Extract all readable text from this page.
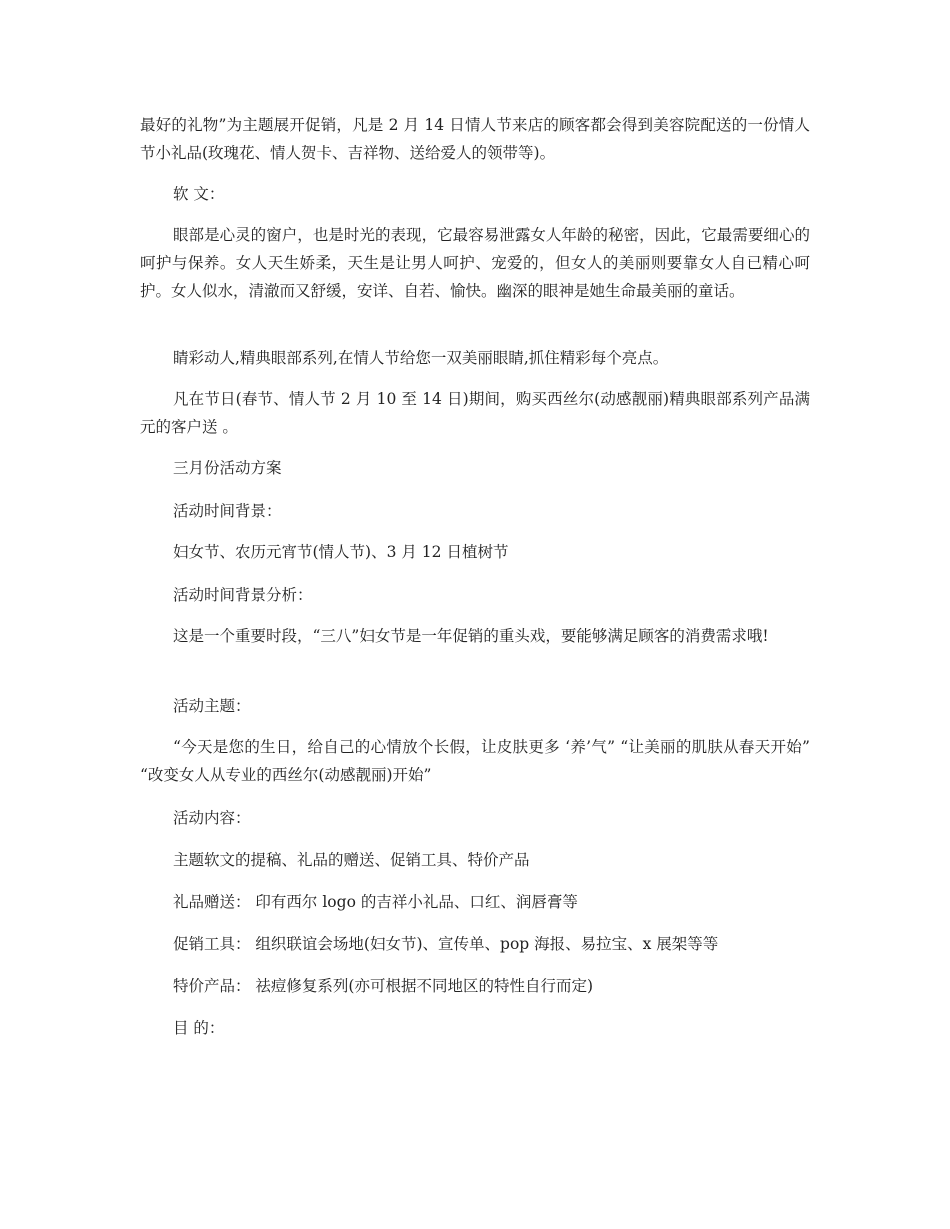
最好的礼物”为主题展开促销，凡是 2 月 14 日情人节来店的顾客都会得到美容院配送的一份情人节小礼品(玫瑰花、情人贺卡、吉祥物、送给爱人的领带等)。

软 文：

眼部是心灵的窗户，也是时光的表现，它最容易泄露女人年龄的秘密，因此，它最需要细心的呵护与保养。女人天生娇柔，天生是让男人呵护、宠爱的，但女人的美丽则要靠女人自已精心呵护。女人似水，清澈而又舒缓，安详、自若、愉快。幽深的眼神是她生命最美丽的童话。

睛彩动人,精典眼部系列,在情人节给您一双美丽眼睛,抓住精彩每个亮点。

凡在节日(春节、情人节 2 月 10 至 14 日)期间，购买西丝尔(动感靓丽)精典眼部系列产品满 元的客户送 。

三月份活动方案

活动时间背景：

妇女节、农历元宵节(情人节)、3 月 12 日植树节

活动时间背景分析：

这是一个重要时段，“三八”妇女节是一年促销的重头戏，要能够满足顾客的消费需求哦!

活动主题：

“今天是您的生日，给自己的心情放个长假，让皮肤更多 ‘养’气” “让美丽的肌肤从春天开始” “改变女人从专业的西丝尔(动感靓丽)开始”

活动内容：

主题软文的提稿、礼品的赠送、促销工具、特价产品

礼品赠送： 印有西尔 logo 的吉祥小礼品、口红、润唇膏等

促销工具： 组织联谊会场地(妇女节)、宣传单、pop 海报、易拉宝、x 展架等等

特价产品： 祛痘修复系列(亦可根据不同地区的特性自行而定)

目 的：
